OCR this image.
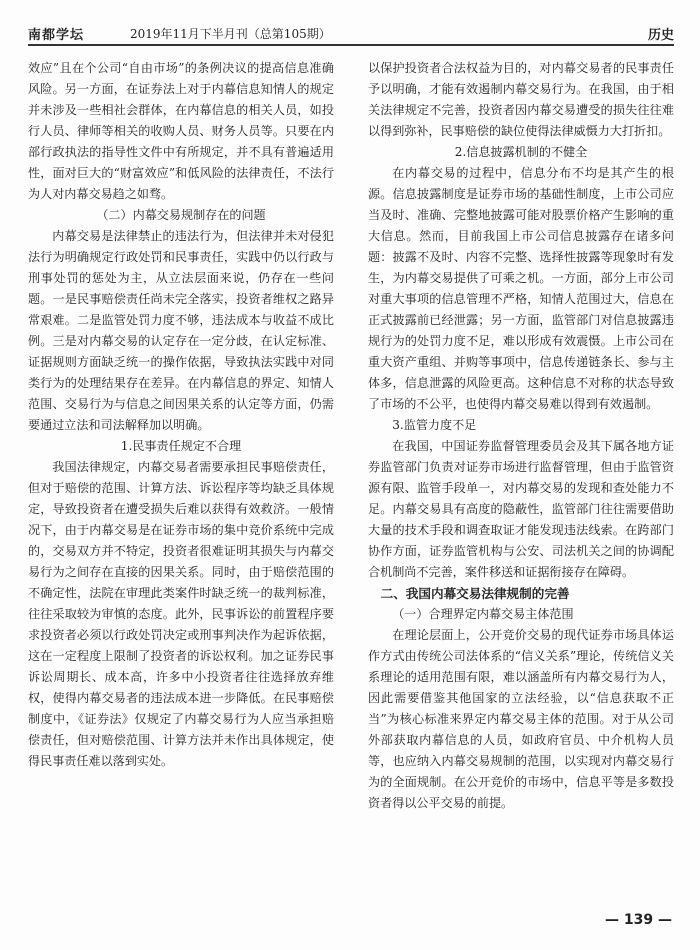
南都学坛	2019年11月下半月刊（总第105期）	历史

效应”且在个公司“自由市场”的条例决议的提高信息准确风险。另一方面，在证券法上对于内幕信息知情人的规定并未涉及一些相社会群体，在内幕信息的相关人员，如投行人员、律师等相关的收购人员、财务人员等。只要在内部行政执法的指导性文件中有所规定，并不具有普遍适用性，面对巨大的“财富效应”和低风险的法律责任，不法行为人对内幕交易趋之如骛。

（二）内幕交易规制存在的问题

内幕交易是法律禁止的违法行为，但法律并未对侵犯法行为明确规定行政处罚和民事责任，实践中仍以行政与刑事处罚的惩处为主，从立法层面来说，仍存在一些问题。一是民事赔偿责任尚未完全落实，投资者维权之路异常艰难。二是监管处罚力度不够，违法成本与收益不成比例。三是对内幕交易的认定存在一定分歧，在认定标准、证据规则方面缺乏统一的操作依据，导致执法实践中对同类行为的处理结果存在差异。在内幕信息的界定、知情人范围、交易行为与信息之间因果关系的认定等方面，仍需要通过立法和司法解释加以明确。

1.民事责任规定不合理

我国法律规定，内幕交易者需要承担民事赔偿责任，但对于赔偿的范围、计算方法、诉讼程序等均缺乏具体规定，导致投资者在遭受损失后难以获得有效救济。一般情况下，由于内幕交易是在证券市场的集中竞价系统中完成的，交易双方并不特定，投资者很难证明其损失与内幕交易行为之间存在直接的因果关系。同时，由于赔偿范围的不确定性，法院在审理此类案件时缺乏统一的裁判标准，往往采取较为审慎的态度。此外，民事诉讼的前置程序要求投资者必须以行政处罚决定或刑事判决作为起诉依据，这在一定程度上限制了投资者的诉讼权利。加之证券民事诉讼周期长、成本高，许多中小投资者往往选择放弃维权，使得内幕交易者的违法成本进一步降低。在民事赔偿制度中，《证券法》仅规定了内幕交易行为人应当承担赔偿责任，但对赔偿范围、计算方法并未作出具体规定，使得民事责任难以落到实处。

以保护投资者合法权益为目的，对内幕交易者的民事责任予以明确，才能有效遏制内幕交易行为。在我国，由于相关法律规定不完善，投资者因内幕交易遭受的损失往往难以得到弥补，民事赔偿的缺位使得法律威慑力大打折扣。

2.信息披露机制的不健全

在内幕交易的过程中，信息分布不均是其产生的根源。信息披露制度是证券市场的基础性制度，上市公司应当及时、准确、完整地披露可能对股票价格产生影响的重大信息。然而，目前我国上市公司信息披露存在诸多问题：披露不及时、内容不完整、选择性披露等现象时有发生，为内幕交易提供了可乘之机。一方面，部分上市公司对重大事项的信息管理不严格，知情人范围过大，信息在正式披露前已经泄露；另一方面，监管部门对信息披露违规行为的处罚力度不足，难以形成有效震慑。上市公司在重大资产重组、并购等事项中，信息传递链条长、参与主体多，信息泄露的风险更高。这种信息不对称的状态导致了市场的不公平，也使得内幕交易难以得到有效遏制。

3.监管力度不足

在我国，中国证券监督管理委员会及其下属各地方证券监管部门负责对证券市场进行监督管理，但由于监管资源有限、监管手段单一，对内幕交易的发现和查处能力不足。内幕交易具有高度的隐蔽性，监管部门往往需要借助大量的技术手段和调查取证才能发现违法线索。在跨部门协作方面，证券监管机构与公安、司法机关之间的协调配合机制尚不完善，案件移送和证据衔接存在障碍。

二、我国内幕交易法律规制的完善

（一）合理界定内幕交易主体范围

在理论层面上，公开竞价交易的现代证券市场具体运作方式由传统公司法体系的“信义关系”理论，传统信义关系理论的适用范围有限，难以涵盖所有内幕交易行为人，因此需要借鉴其他国家的立法经验，以“信息获取不正当”为核心标准来界定内幕交易主体的范围。对于从公司外部获取内幕信息的人员，如政府官员、中介机构人员等，也应纳入内幕交易规制的范围，以实现对内幕交易行为的全面规制。在公开竞价的市场中，信息平等是多数投资者得以公平交易的前提。

— 139 —
